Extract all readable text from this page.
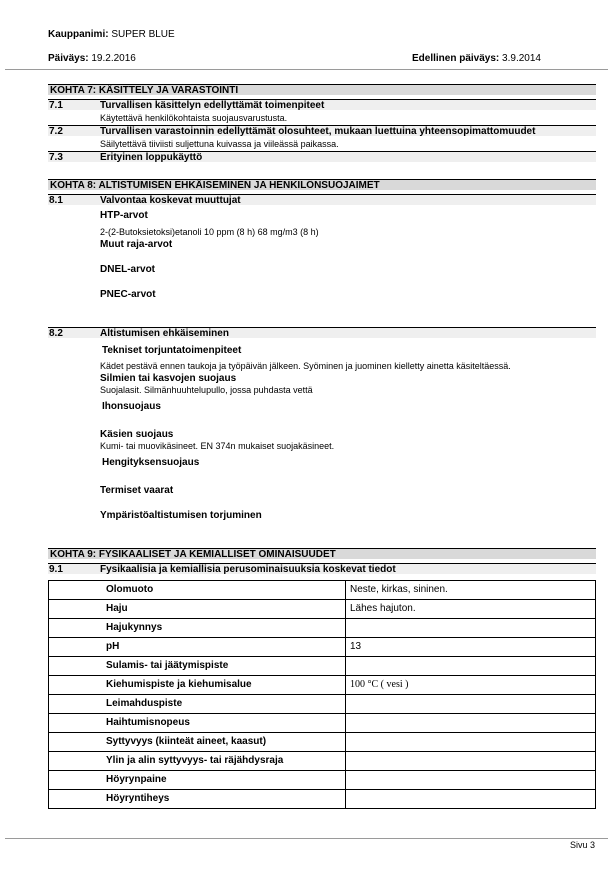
Kauppanimi: SUPER BLUE
Päiväys: 19.2.2016	Edellinen päiväys: 3.9.2014
KOHTA 7: KÄSITTELY JA VARASTOINTI
7.1	Turvallisen käsittelyn edellyttämät toimenpiteet
Käytettävä henkilökohtaista suojausvarustusta.
7.2	Turvallisen varastoinnin edellyttämät olosuhteet, mukaan luettuina yhteensopimattomuudet
Säilytettävä tiiviisti suljettuna kuivassa ja viileässä paikassa.
7.3	Erityinen loppukäyttö
KOHTA 8: ALTISTUMISEN EHKÄISEMINEN JA HENKILÖNSUOJAIMET
8.1	Valvontaa koskevat muuttujat
HTP-arvot
2-(2-Butoksietoksi)etanoli 10 ppm (8 h) 68 mg/m3 (8 h)
Muut raja-arvot
DNEL-arvot
PNEC-arvot
8.2	Altistumisen ehkäiseminen
Tekniset torjuntatoimenpiteet
Kädet pestävä ennen taukoja ja työpäivän jälkeen. Syöminen ja juominen kielletty ainetta käsiteltäessä.
Silmien tai kasvojen suojaus
Suojalasit. Silmänhuuhtelupullo, jossa puhdasta vettä
Ihonsuojaus
Käsien suojaus
Kumi- tai muovikäsineet. EN 374n mukaiset suojakäsineet.
Hengityksensuojaus
Termiset vaarat
Ympäristöaltistumisen torjuminen
KOHTA 9: FYSIKAALISET JA KEMIALLISET OMINAISUUDET
9.1	Fysikaalisia ja kemiallisia perusominaisuuksia koskevat tiedot
Olomuoto	Neste, kirkas, sininen.
Haju	Lähes hajuton.
Hajukynnys	
pH	13
Sulamis- tai jäätymispiste	
Kiehumispiste ja kiehumisalue	100 °C ( vesi )
Leimahduspiste	
Haihtumisnopeus	
Syttyvyys (kiinteät aineet, kaasut)	
Ylin ja alin syttyvyys- tai räjähdysraja	
Höyrynpaine	
Höyryntiheys	
Sivu 3
